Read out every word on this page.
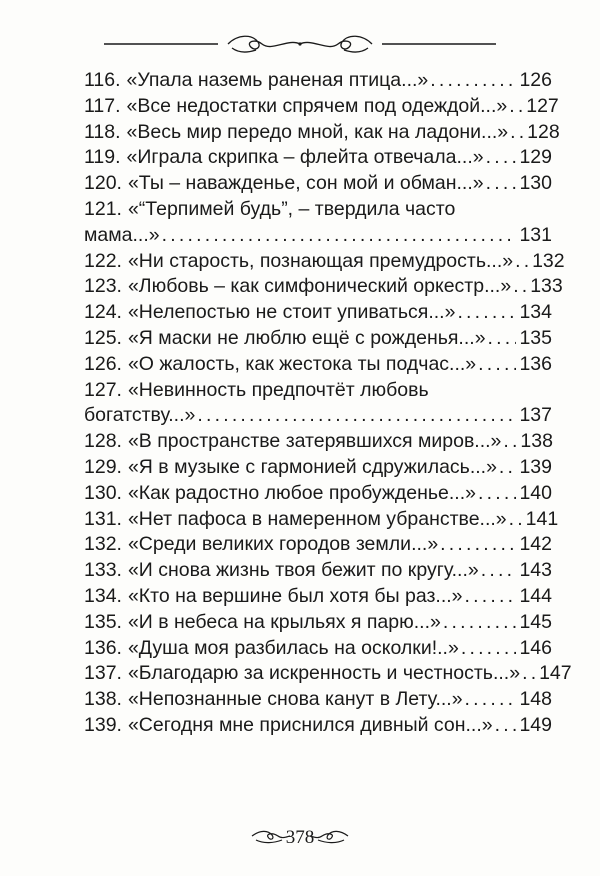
116. «Упала наземь раненая птица...» .....	126
117. «Все недостатки спрячем под одеждой...» ..... 127
118. «Весь мир передо мной, как на ладони...» ..... 128
119. «Играла скрипка – флейта отвечала...» ..... 129
120. «Ты – наважденье, сон мой и обман...» ..... 130
121. «“Терпимей будь”, – твердила часто
мама...» .....	131
122. «Ни старость, познающая премудрость...» ..... 132
123. «Любовь – как симфонический оркестр...» ..... 133
124. «Нелепостью не стоит упиваться...» .....	134
125. «Я маски не люблю ещё с рожденья...» ..... 135
126. «О жалость, как жестока ты подчас...» ..... 136
127. «Невинность предпочтёт любовь
богатству...» .....	137
128. «В пространстве затерявшихся миров...» ..... 138
129. «Я в музыке с гармонией сдружилась...» ..... 139
130. «Как радостно любое пробужденье...» ..... 140
131. «Нет пафоса в намеренном убранстве...» ..... 141
132. «Среди великих городов земли...» .....	142
133. «И снова жизнь твоя бежит по кругу...» ..... 143
134. «Кто на вершине был хотя бы раз...» .....	144
135. «И в небеса на крыльях я парю...» .....	145
136. «Душа моя разбилась на осколки!..» .....	146
137. «Благодарю за искренность и честность...» ..... 147
138. «Непознанные снова канут в Лету...» .....	148
139. «Сегодня мне приснился дивный сон...» ..... 149
378
